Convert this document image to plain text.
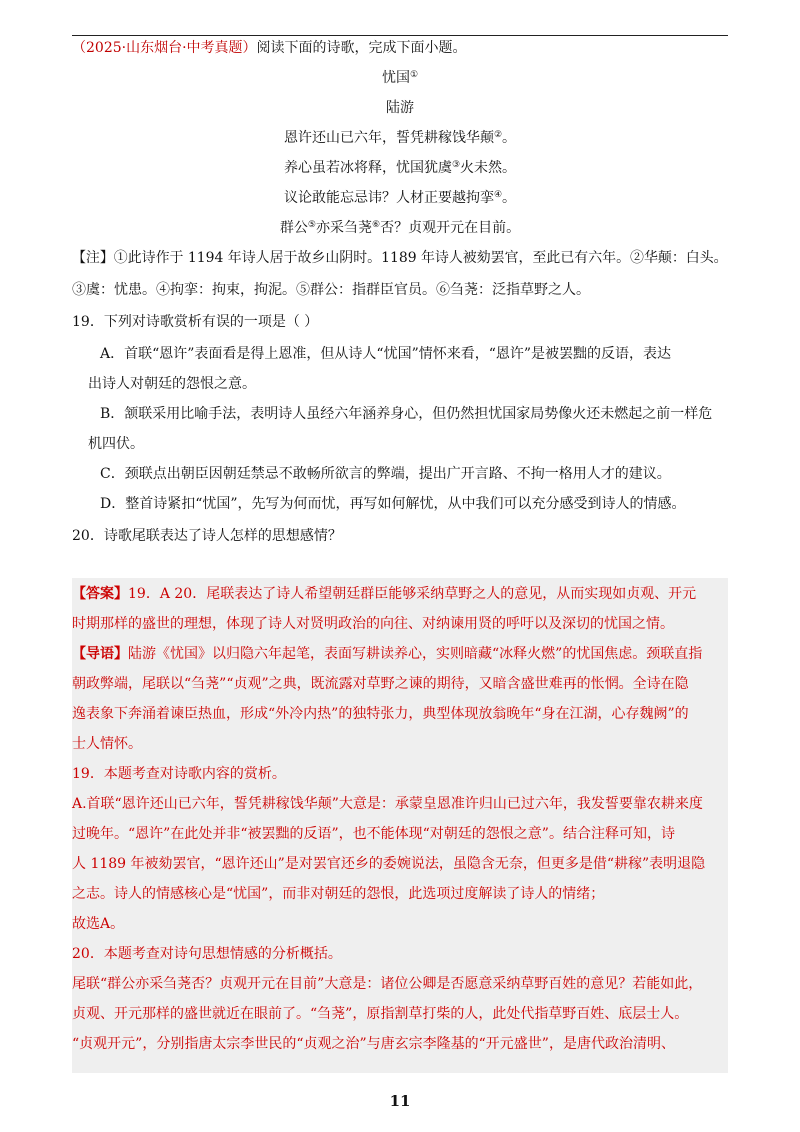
（2025·山东烟台·中考真题）阅读下面的诗歌，完成下面小题。
忧国①
陆游
恩许还山已六年，誓凭耕稼饯华颠②。
养心虽若冰将释，忧国犹虞③火未然。
议论敢能忘忌讳？人材正要越拘挛④。
群公⑤亦采刍荛⑥否？贞观开元在目前。
【注】①此诗作于 1194 年诗人居于故乡山阴时。1189 年诗人被劾罢官，至此已有六年。②华颠：白头。
③虞：忧患。④拘挛：拘束，拘泥。⑤群公：指群臣官员。⑥刍荛：泛指草野之人。
19．下列对诗歌赏析有误的一项是（ ）
A．首联“恩许”表面看是得上恩准，但从诗人“忧国”情怀来看，“恩许”是被罢黜的反语，表达
出诗人对朝廷的怨恨之意。
B．颔联采用比喻手法，表明诗人虽经六年涵养身心，但仍然担忧国家局势像火还未燃起之前一样危
机四伏。
C．颈联点出朝臣因朝廷禁忌不敢畅所欲言的弊端，提出广开言路、不拘一格用人才的建议。
D．整首诗紧扣“忧国”，先写为何而忧，再写如何解忧，从中我们可以充分感受到诗人的情感。
20．诗歌尾联表达了诗人怎样的思想感情？
【答案】19．A 20．尾联表达了诗人希望朝廷群臣能够采纳草野之人的意见，从而实现如贞观、开元
时期那样的盛世的理想，体现了诗人对贤明政治的向往、对纳谏用贤的呼吁以及深切的忧国之情。
【导语】陆游《忧国》以归隐六年起笔，表面写耕读养心，实则暗藏“冰释火燃”的忧国焦虑。颈联直指
朝政弊端，尾联以“刍荛”“贞观”之典，既流露对草野之谏的期待，又暗含盛世难再的怅惘。全诗在隐
逸表象下奔涌着谏臣热血，形成“外冷内热”的独特张力，典型体现放翁晚年“身在江湖，心存魏阙”的
士人情怀。
19．本题考查对诗歌内容的赏析。
A.首联“恩许还山已六年，誓凭耕稼饯华颠”大意是：承蒙皇恩准许归山已过六年，我发誓要靠农耕来度
过晚年。“恩许”在此处并非“被罢黜的反语”，也不能体现“对朝廷的怨恨之意”。结合注释可知，诗
人 1189 年被劾罢官，“恩许还山”是对罢官还乡的委婉说法，虽隐含无奈，但更多是借“耕稼”表明退隐
之志。诗人的情感核心是“忧国”，而非对朝廷的怨恨，此选项过度解读了诗人的情绪；
故选A。
20．本题考查对诗句思想情感的分析概括。
尾联“群公亦采刍荛否？贞观开元在目前”大意是：诸位公卿是否愿意采纳草野百姓的意见？若能如此，
贞观、开元那样的盛世就近在眼前了。“刍荛”，原指割草打柴的人，此处代指草野百姓、底层士人。
“贞观开元”，分别指唐太宗李世民的“贞观之治”与唐玄宗李隆基的“开元盛世”，是唐代政治清明、
11
